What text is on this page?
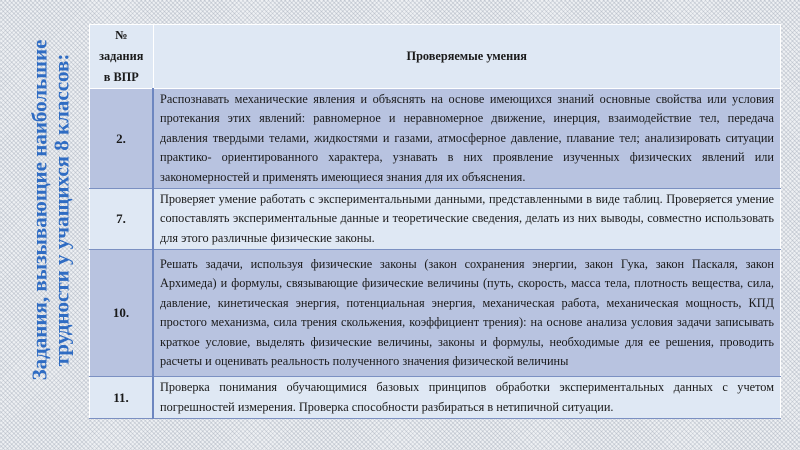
Задания, вызывающие наибольшие
трудности у учащихся 8 классов:
№
задания
в ВПР	Проверяемые умения
2.	Распознавать механические явления и объяснять на основе имеющихся знаний основные свойства или условия протекания этих явлений: равномерное и неравномерное движение, инерция, взаимодействие тел, передача давления твердыми телами, жидкостями и газами, атмосферное давление, плавание тел; анализировать ситуации практико- ориентированного характера, узнавать в них проявление изученных физических явлений или закономерностей и применять имеющиеся знания для их объяснения.
7.	Проверяет умение работать с экспериментальными данными, представленными в виде таблиц. Проверяется умение сопоставлять экспериментальные данные и теоретические сведения, делать из них выводы, совместно использовать для этого различные физические законы.
10.	Решать задачи, используя физические законы (закон сохранения энергии, закон Гука, закон Паскаля, закон Архимеда) и формулы, связывающие физические величины (путь, скорость, масса тела, плотность вещества, сила, давление, кинетическая энергия, потенциальная энергия, механическая работа, механическая мощность, КПД простого механизма, сила трения скольжения, коэффициент трения): на основе анализа условия задачи записывать краткое условие, выделять физические величины, законы и формулы, необходимые для ее решения, проводить расчеты и оценивать реальность полученного значения физической величины
11.	Проверка понимания обучающимися базовых принципов обработки экспериментальных данных с учетом погрешностей измерения. Проверка способности разбираться в нетипичной ситуации.
